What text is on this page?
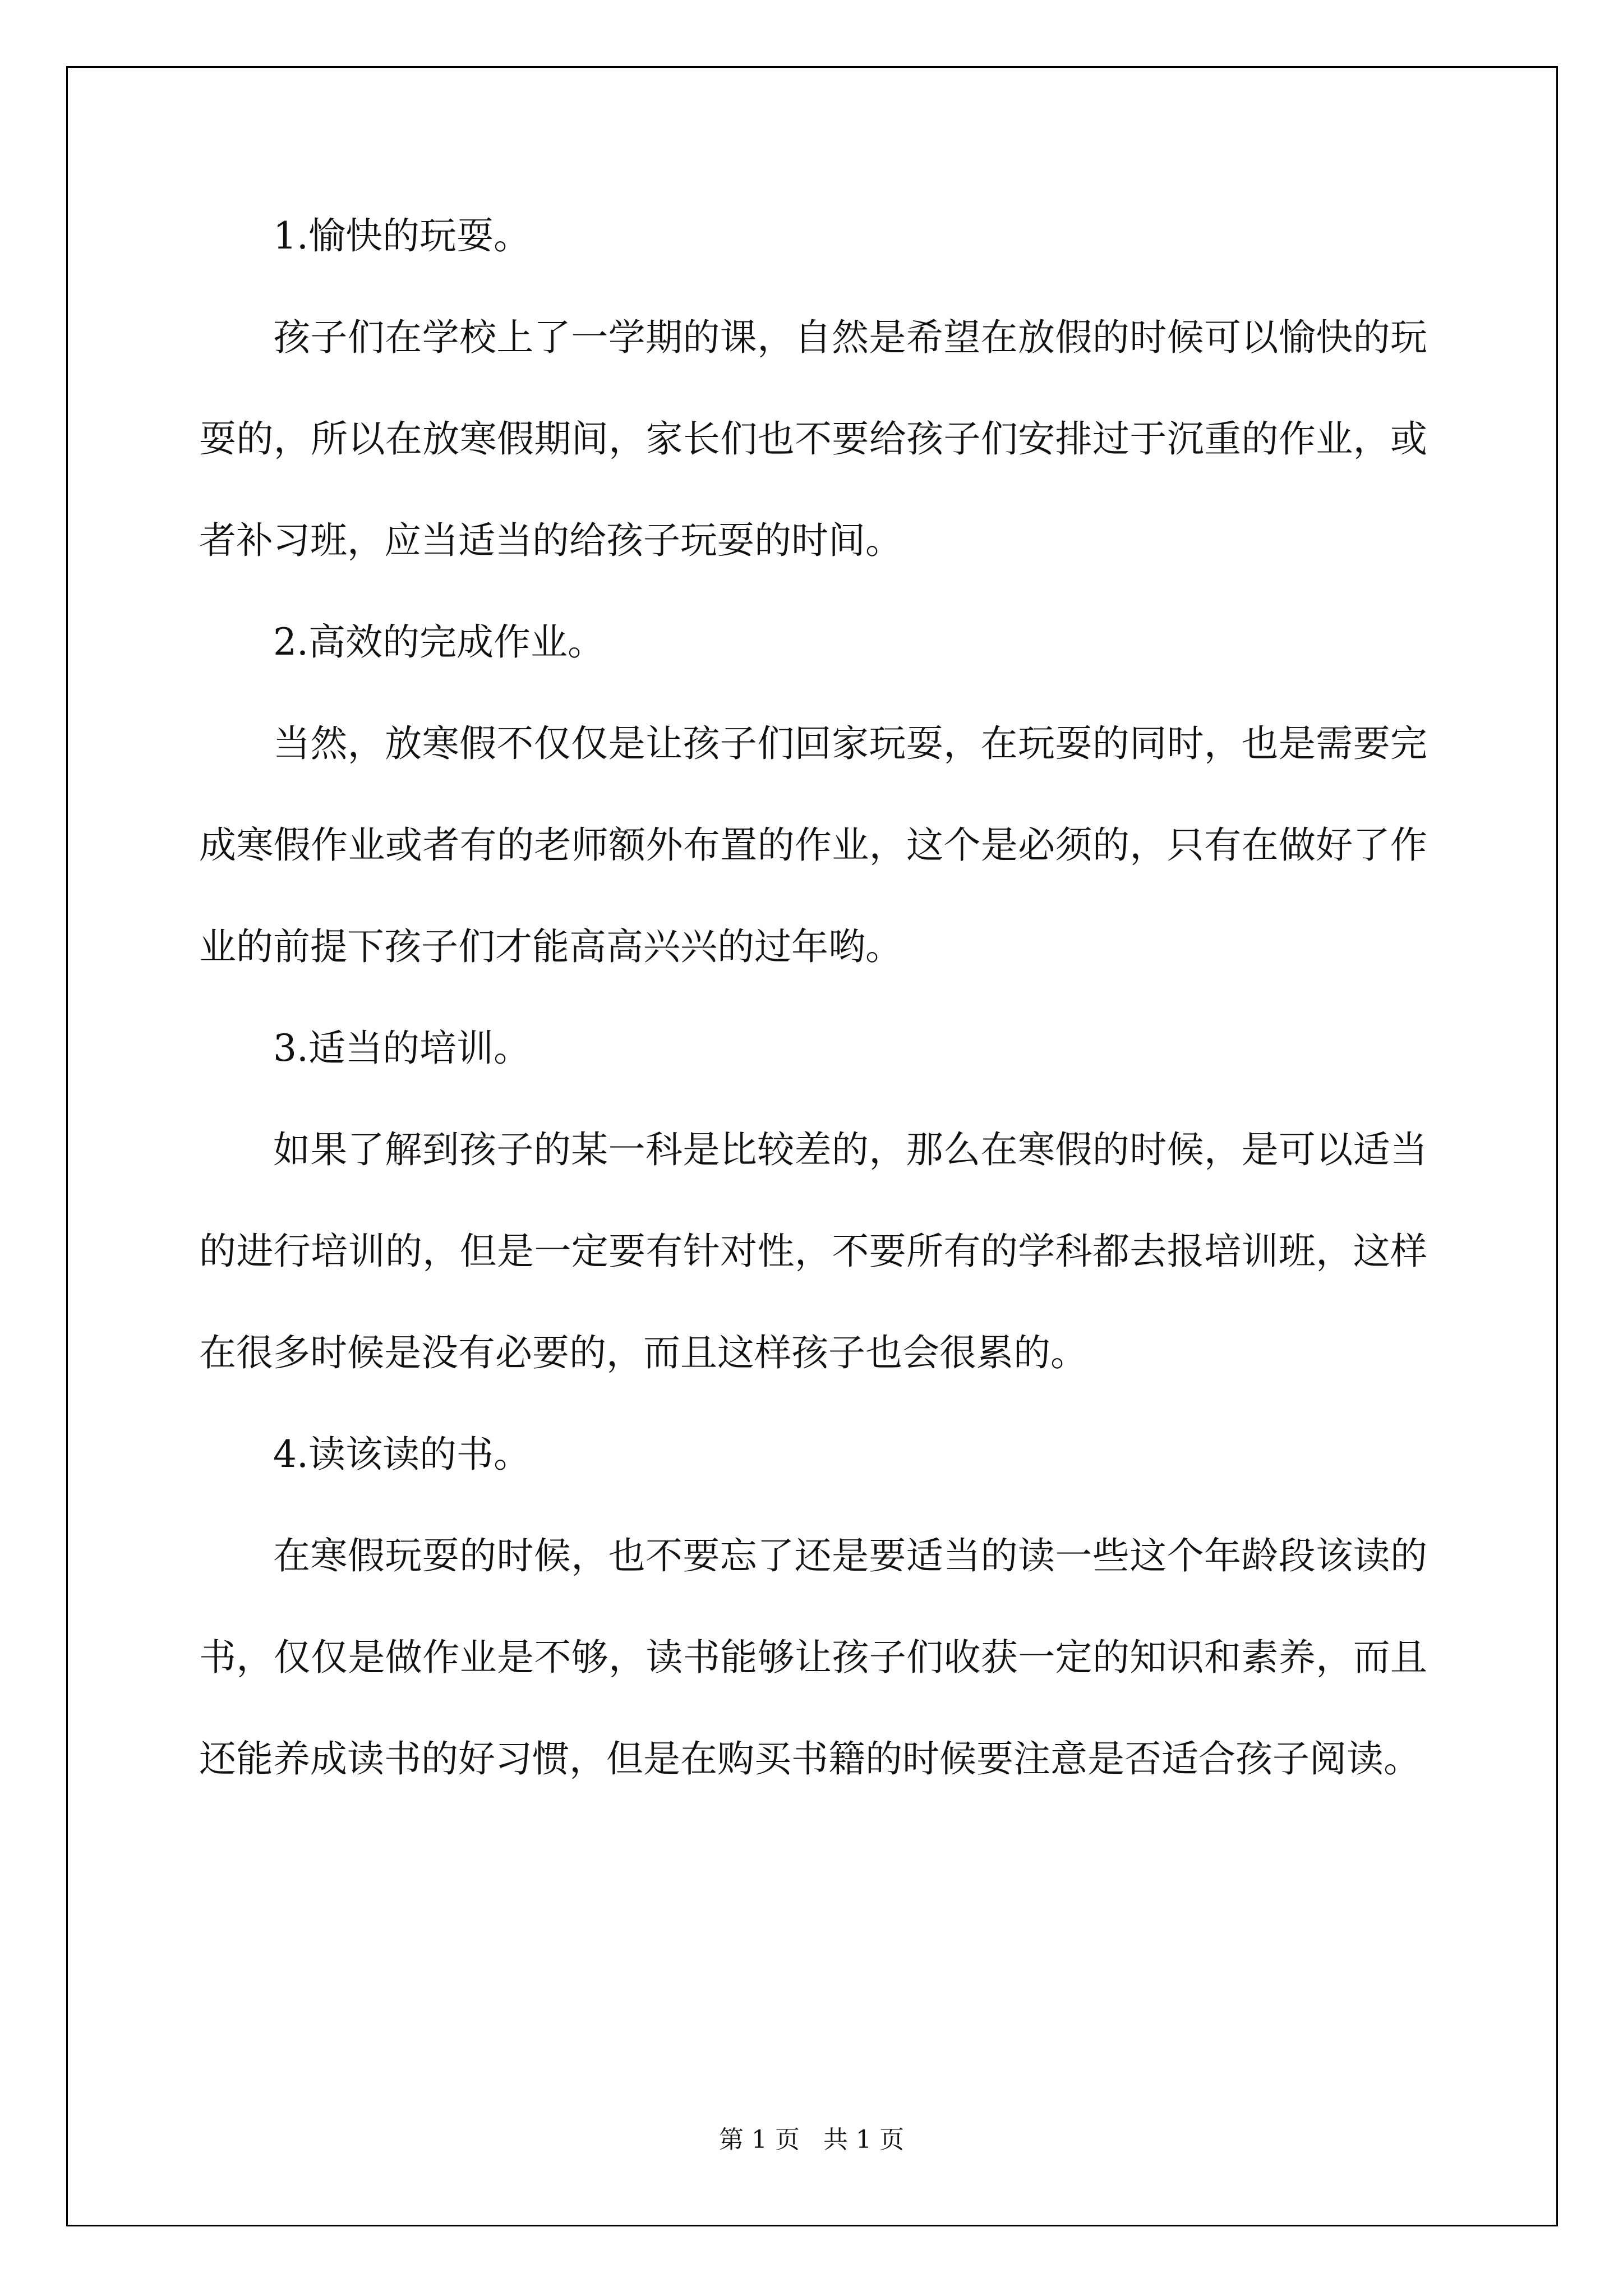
1.愉快的玩耍。

孩子们在学校上了一学期的课，自然是希望在放假的时候可以愉快的玩耍的，所以在放寒假期间，家长们也不要给孩子们安排过于沉重的作业，或者补习班，应当适当的给孩子玩耍的时间。

2.高效的完成作业。

当然，放寒假不仅仅是让孩子们回家玩耍，在玩耍的同时，也是需要完成寒假作业或者有的老师额外布置的作业，这个是必须的，只有在做好了作业的前提下孩子们才能高高兴兴的过年哟。

3.适当的培训。

如果了解到孩子的某一科是比较差的，那么在寒假的时候，是可以适当的进行培训的，但是一定要有针对性，不要所有的学科都去报培训班，这样在很多时候是没有必要的，而且这样孩子也会很累的。

4.读该读的书。

在寒假玩耍的时候，也不要忘了还是要适当的读一些这个年龄段该读的书，仅仅是做作业是不够，读书能够让孩子们收获一定的知识和素养，而且还能养成读书的好习惯，但是在购买书籍的时候要注意是否适合孩子阅读。

第 1 页   共 1 页
